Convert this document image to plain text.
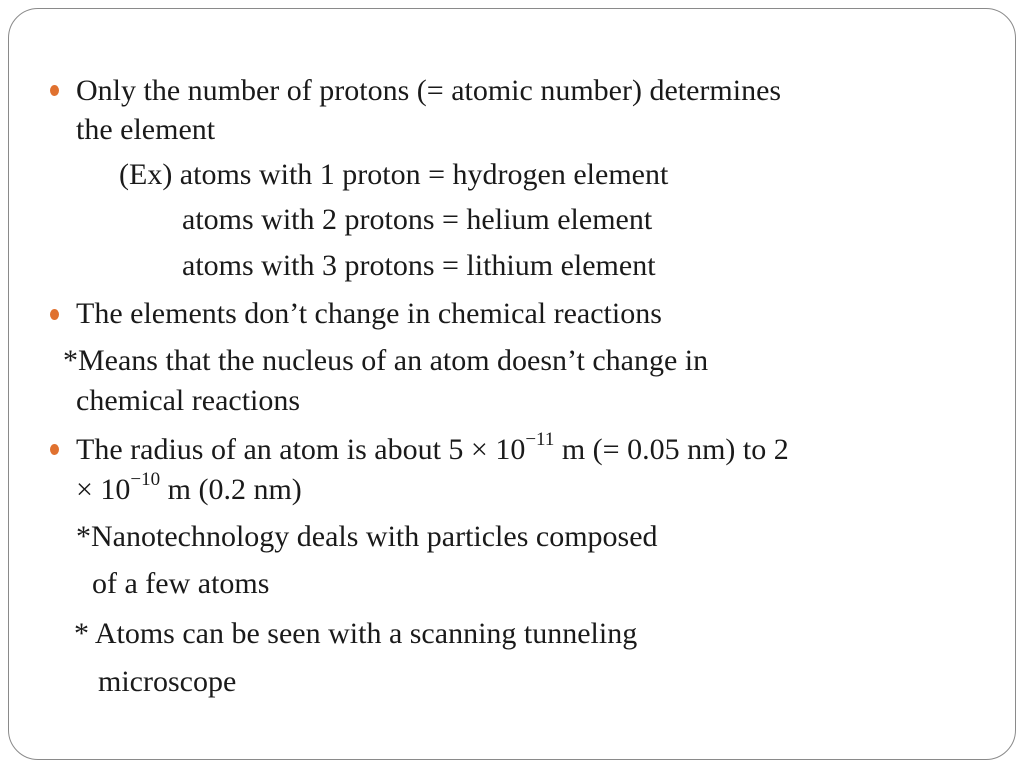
Only the number of protons (= atomic number) determines
the element
(Ex) atoms with 1 proton = hydrogen element
atoms with 2 protons = helium element
atoms with 3 protons = lithium element
The elements don’t change in chemical reactions
*Means that the nucleus of an atom doesn’t change in
chemical reactions
The radius of an atom is about $5 \times 10^{-11}$ m (= 0.05 nm) to 2
× $10^{-10}$ m (0.2 nm)
*Nanotechnology deals with particles composed
of a few atoms
* Atoms can be seen with a scanning tunneling
microscope
